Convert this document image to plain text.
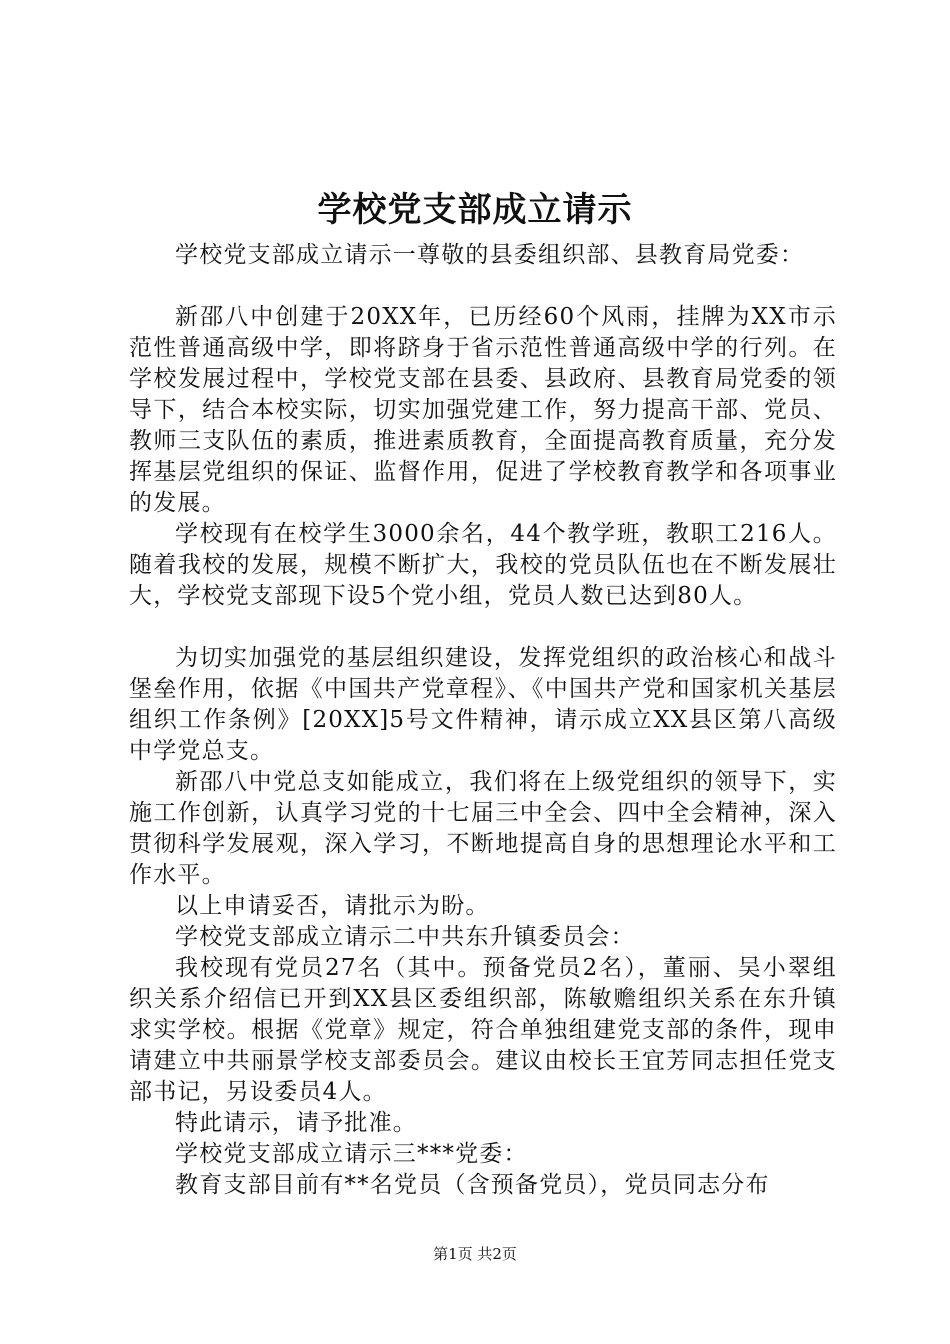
学校党支部成立请示

学校党支部成立请示一尊敬的县委组织部、县教育局党委：

新邵八中创建于20XX年，已历经60个风雨，挂牌为XX市示范性普通高级中学，即将跻身于省示范性普通高级中学的行列。在学校发展过程中，学校党支部在县委、县政府、县教育局党委的领导下，结合本校实际，切实加强党建工作，努力提高干部、党员、教师三支队伍的素质，推进素质教育，全面提高教育质量，充分发挥基层党组织的保证、监督作用，促进了学校教育教学和各项事业的发展。

学校现有在校学生3000余名，44个教学班，教职工216人。随着我校的发展，规模不断扩大，我校的党员队伍也在不断发展壮大，学校党支部现下设5个党小组，党员人数已达到80人。

为切实加强党的基层组织建设，发挥党组织的政治核心和战斗堡垒作用，依据《中国共产党章程》、《中国共产党和国家机关基层组织工作条例》[20XX]5号文件精神，请示成立XX县区第八高级中学党总支。

新邵八中党总支如能成立，我们将在上级党组织的领导下，实施工作创新，认真学习党的十七届三中全会、四中全会精神，深入贯彻科学发展观，深入学习，不断地提高自身的思想理论水平和工作水平。

以上申请妥否，请批示为盼。

学校党支部成立请示二中共东升镇委员会：

我校现有党员27名（其中。预备党员2名），董丽、吴小翠组织关系介绍信已开到XX县区委组织部，陈敏赡组织关系在东升镇求实学校。根据《党章》规定，符合单独组建党支部的条件，现申请建立中共丽景学校支部委员会。建议由校长王宜芳同志担任党支部书记，另设委员4人。

特此请示，请予批准。

学校党支部成立请示三***党委：

教育支部目前有**名党员（含预备党员），党员同志分布

第1页 共2页
